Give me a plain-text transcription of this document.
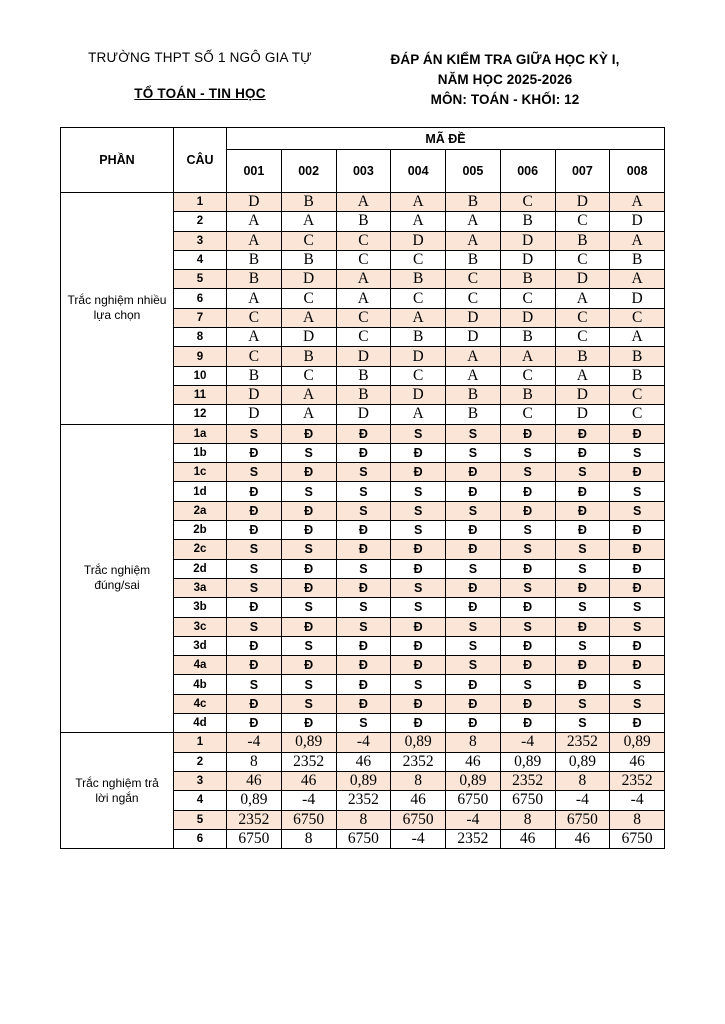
TRƯỜNG THPT SỐ 1 NGÔ GIA TỰ
TỔ TOÁN - TIN HỌC
ĐÁP ÁN KIỂM TRA GIỮA HỌC KỲ I,
NĂM HỌC 2025-2026
MÔN: TOÁN - KHỐI: 12
PHẦN	CÂU	MÃ ĐỀ							
		001	002	003	004	005	006	007	008
Trắc nghiệm nhiều lựa chọn	1	D	B	A	A	B	C	D	A
	2	A	A	B	A	A	B	C	D
	3	A	C	C	D	A	D	B	A
	4	B	B	C	C	B	D	C	B
	5	B	D	A	B	C	B	D	A
	6	A	C	A	C	C	C	A	D
	7	C	A	C	A	D	D	C	C
	8	A	D	C	B	D	B	C	A
	9	C	B	D	D	A	A	B	B
	10	B	C	B	C	A	C	A	B
	11	D	A	B	D	B	B	D	C
	12	D	A	D	A	B	C	D	C
Trắc nghiệm đúng/sai	1a	S	Đ	Đ	S	S	Đ	Đ	Đ
	1b	Đ	S	Đ	Đ	S	S	Đ	S
	1c	S	Đ	S	Đ	Đ	S	S	Đ
	1d	Đ	S	S	S	Đ	Đ	Đ	S
	2a	Đ	Đ	S	S	S	Đ	Đ	S
	2b	Đ	Đ	Đ	S	Đ	S	Đ	Đ
	2c	S	S	Đ	Đ	Đ	S	S	Đ
	2d	S	Đ	S	Đ	S	Đ	S	Đ
	3a	S	Đ	Đ	S	Đ	S	Đ	Đ
	3b	Đ	S	S	S	Đ	Đ	S	S
	3c	S	Đ	S	Đ	S	S	Đ	S
	3d	Đ	S	Đ	Đ	S	Đ	S	Đ
	4a	Đ	Đ	Đ	Đ	S	Đ	Đ	Đ
	4b	S	S	Đ	S	Đ	S	Đ	S
	4c	Đ	S	Đ	Đ	Đ	Đ	S	S
	4d	Đ	Đ	S	Đ	Đ	Đ	S	Đ
Trắc nghiệm trả lời ngắn	1	-4	0,89	-4	0,89	8	-4	2352	0,89
	2	8	2352	46	2352	46	0,89	0,89	46
	3	46	46	0,89	8	0,89	2352	8	2352
	4	0,89	-4	2352	46	6750	6750	-4	-4
	5	2352	6750	8	6750	-4	8	6750	8
	6	6750	8	6750	-4	2352	46	46	6750
